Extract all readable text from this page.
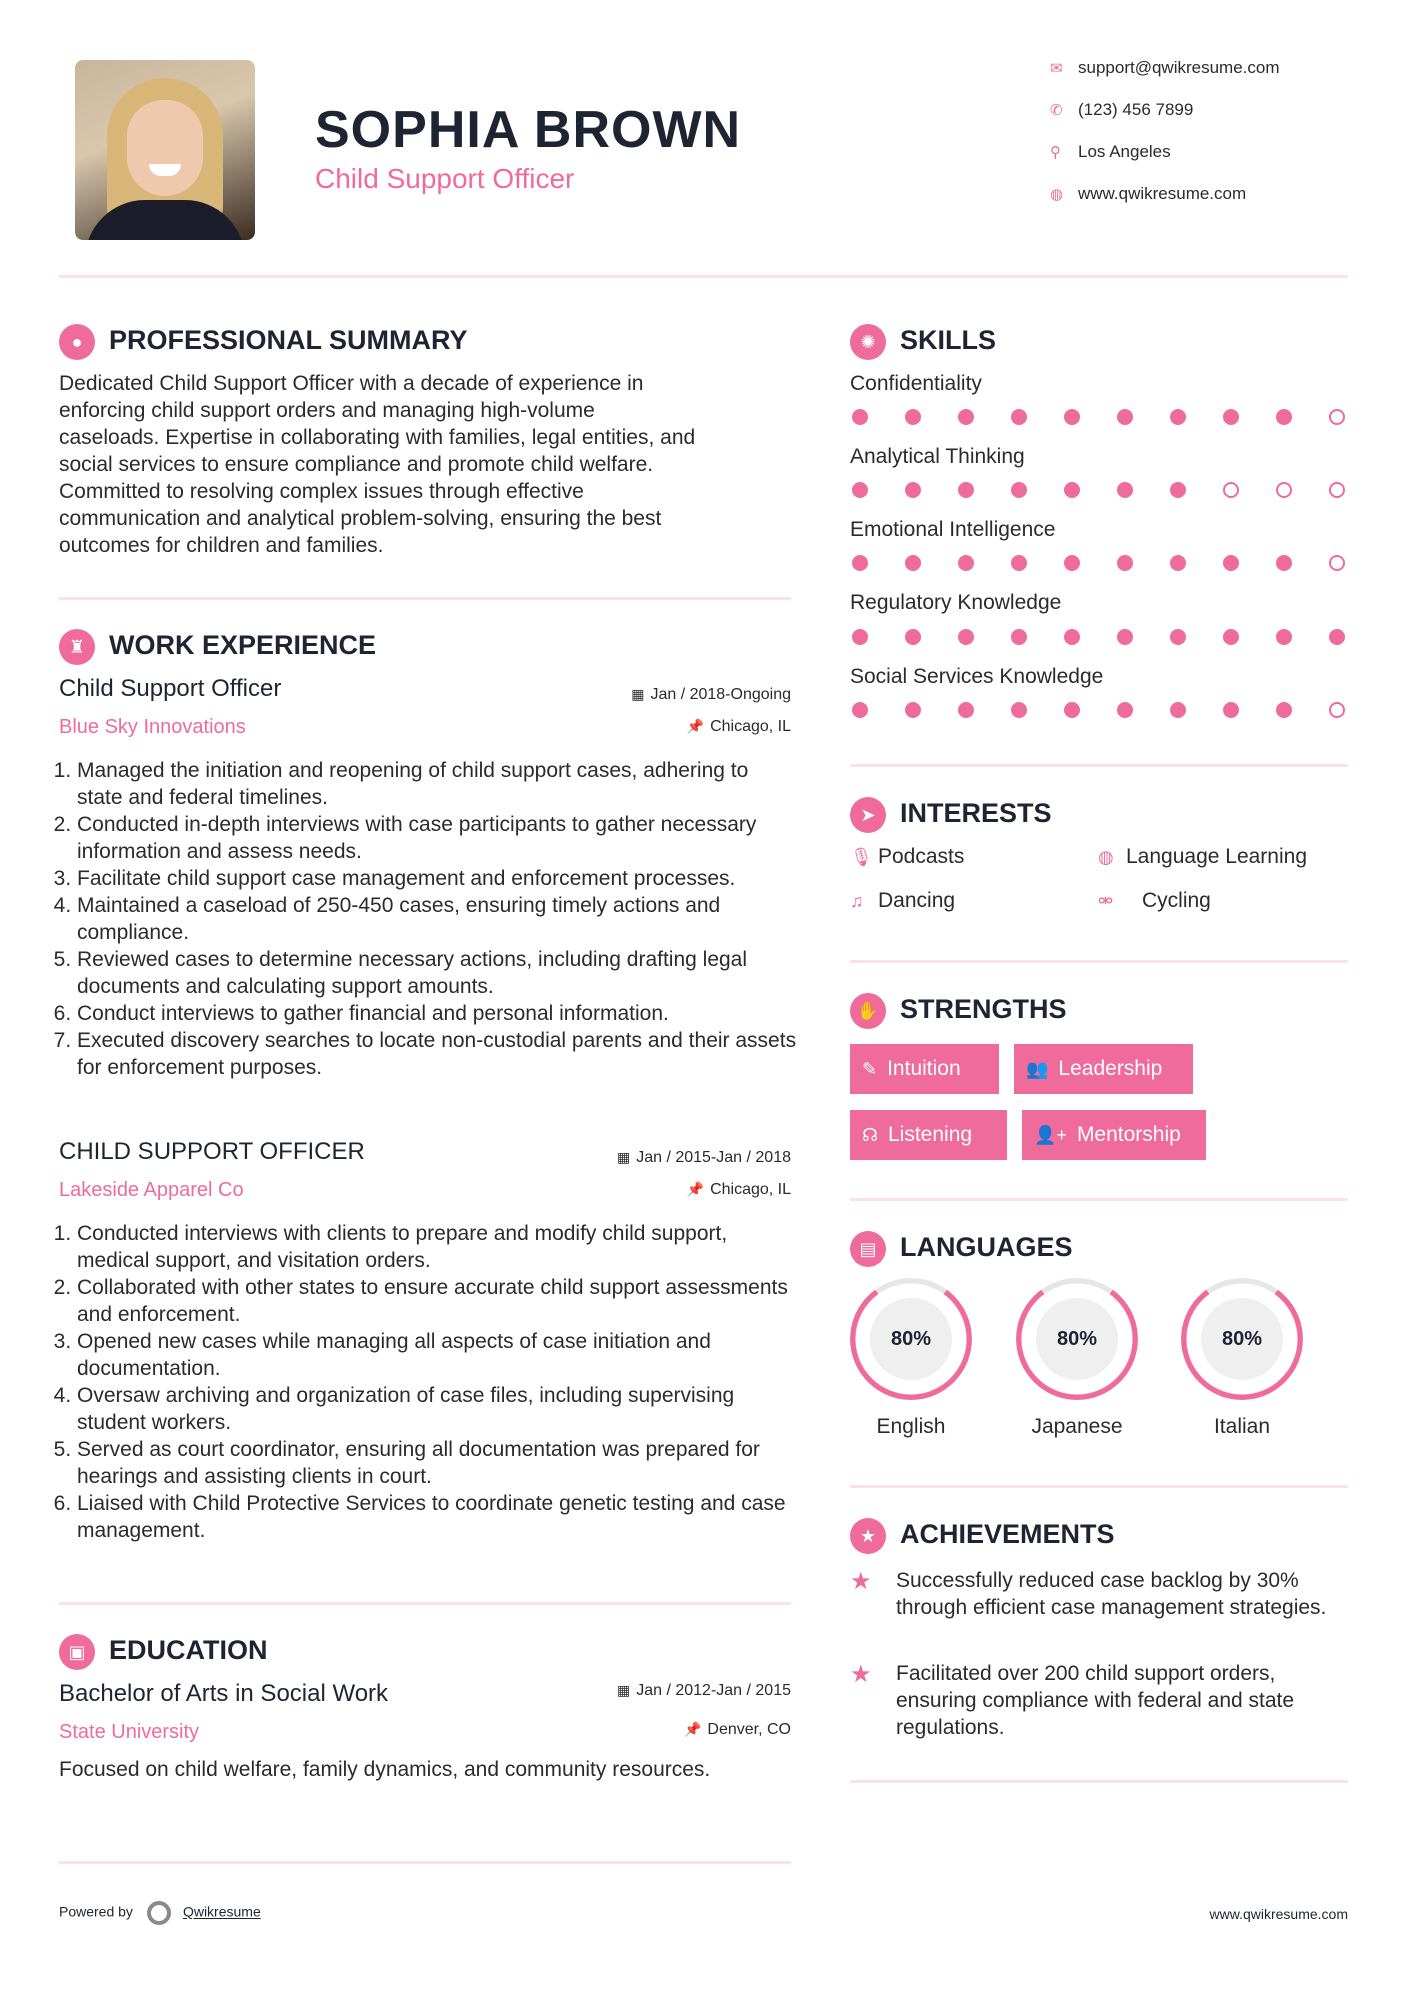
SOPHIA BROWN
Child Support Officer
✉ support@qwikresume.com
✆ (123) 456 7899
⚲ Los Angeles
◍ www.qwikresume.com
● PROFESSIONAL SUMMARY
Dedicated Child Support Officer with a decade of experience in
enforcing child support orders and managing high-volume
caseloads. Expertise in collaborating with families, legal entities, and
social services to ensure compliance and promote child welfare.
Committed to resolving complex issues through effective
communication and analytical problem-solving, ensuring the best
outcomes for children and families.
♜ WORK EXPERIENCE
Child Support Officer	▦ Jan / 2018-Ongoing
Blue Sky Innovations	📌 Chicago, IL
1. Managed the initiation and reopening of child support cases, adhering to state and federal timelines.
2. Conducted in-depth interviews with case participants to gather necessary information and assess needs.
3. Facilitate child support case management and enforcement processes.
4. Maintained a caseload of 250-450 cases, ensuring timely actions and compliance.
5. Reviewed cases to determine necessary actions, including drafting legal documents and calculating support amounts.
6. Conduct interviews to gather financial and personal information.
7. Executed discovery searches to locate non-custodial parents and their assets for enforcement purposes.
CHILD SUPPORT OFFICER	▦ Jan / 2015-Jan / 2018
Lakeside Apparel Co	📌 Chicago, IL
1. Conducted interviews with clients to prepare and modify child support, medical support, and visitation orders.
2. Collaborated with other states to ensure accurate child support assessments and enforcement.
3. Opened new cases while managing all aspects of case initiation and documentation.
4. Oversaw archiving and organization of case files, including supervising student workers.
5. Served as court coordinator, ensuring all documentation was prepared for hearings and assisting clients in court.
6. Liaised with Child Protective Services to coordinate genetic testing and case management.
▣ EDUCATION
Bachelor of Arts in Social Work	▦ Jan / 2012-Jan / 2015
State University	📌 Denver, CO
Focused on child welfare, family dynamics, and community resources.
✺ SKILLS
Confidentiality
Analytical Thinking
Emotional Intelligence
Regulatory Knowledge
Social Services Knowledge
➤ INTERESTS
🎙 Podcasts	◍ Language Learning
♫ Dancing	⚮ Cycling
✋ STRENGTHS
✎ Intuition	👥 Leadership
☊ Listening	👤+ Mentorship
▤ LANGUAGES
80%
English
80%
Japanese
80%
Italian
★ ACHIEVEMENTS
★ Successfully reduced case backlog by 30% through efficient case management strategies.
★ Facilitated over 200 child support orders, ensuring compliance with federal and state regulations.
Powered by	Qwikresume	www.qwikresume.com
